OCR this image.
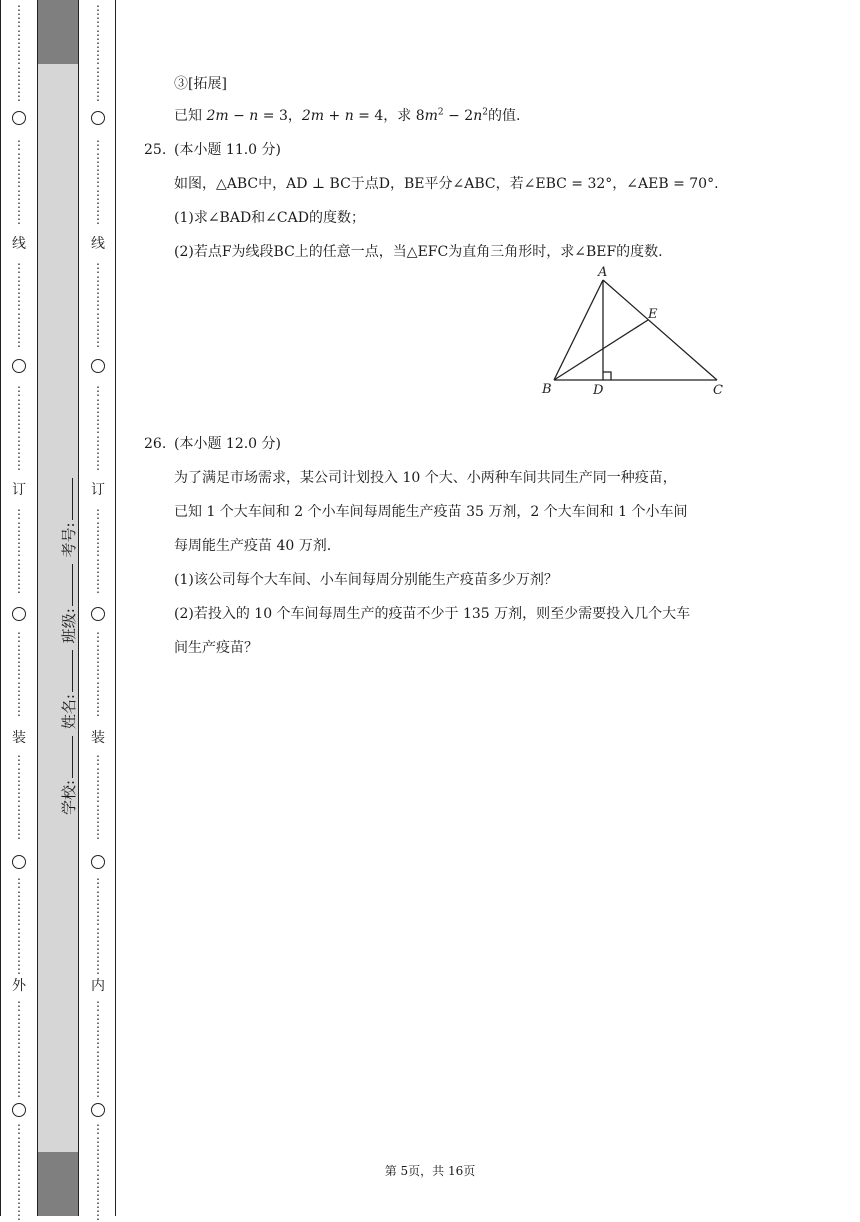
⋮
⋮
⋮
⋮
⋮
⋮
⋮
⋮
⋮
⋮
⋮
⋮
⋮
⋮
⋮
⋮
⋮
⋮
⋮
⋮
⋮
⋮
⋮
⋮
⋮
⋮
⋮
⋮
⋮
⋮
⋮
⋮
⋮
⋮
⋮
⋮
⋮
⋮
⋮
⋮
⋮
⋮
⋮
⋮
⋮
⋮
⋮
⋮
⋮
⋮
⋮
⋮
⋮
⋮
⋮
⋮
⋮
⋮
⋮
⋮
⋮
⋮
⋮
⋮
⋮
⋮
⋮
⋮
⋮
⋮
⋮
⋮
⋮
⋮
线
订
装
外
⋮
⋮
⋮
⋮
⋮
⋮
⋮
⋮
⋮
⋮
⋮
⋮
⋮
⋮
⋮
⋮
⋮
⋮
⋮
⋮
⋮
⋮
⋮
⋮
⋮
⋮
⋮
⋮
⋮
⋮
⋮
⋮
⋮
⋮
⋮
⋮
⋮
⋮
⋮
⋮
⋮
⋮
⋮
⋮
⋮
⋮
⋮
⋮
⋮
⋮
⋮
⋮
⋮
⋮
⋮
⋮
⋮
⋮
⋮
⋮
⋮
⋮
⋮
⋮
⋮
⋮
⋮
⋮
⋮
⋮
⋮
⋮
⋮
⋮
线
订
装
内
学校: 姓名: 班级: 考号:
③[拓展]
已知 2m − n = 3，2m + n = 4，求 $8m^2 - 2n^2$的值.
25. (本小题 11.0 分)
如图，△ABC中，AD ⊥ BC于点D，BE平分∠ABC，若∠EBC = 32°，∠AEB = 70°.
(1)求∠BAD和∠CAD的度数；
(2)若点F为线段BC上的任意一点，当△EFC为直角三角形时，求∠BEF的度数.
26. (本小题 12.0 分)
为了满足市场需求，某公司计划投入 10 个大、小两种车间共同生产同一种疫苗，
已知 1 个大车间和 2 个小车间每周能生产疫苗 35 万剂，2 个大车间和 1 个小车间
每周能生产疫苗 40 万剂.
(1)该公司每个大车间、小车间每周分别能生产疫苗多少万剂？
(2)若投入的 10 个车间每周生产的疫苗不少于 135 万剂，则至少需要投入几个大车
间生产疫苗？
A
E
B	D	C
第 5页，共 16页
